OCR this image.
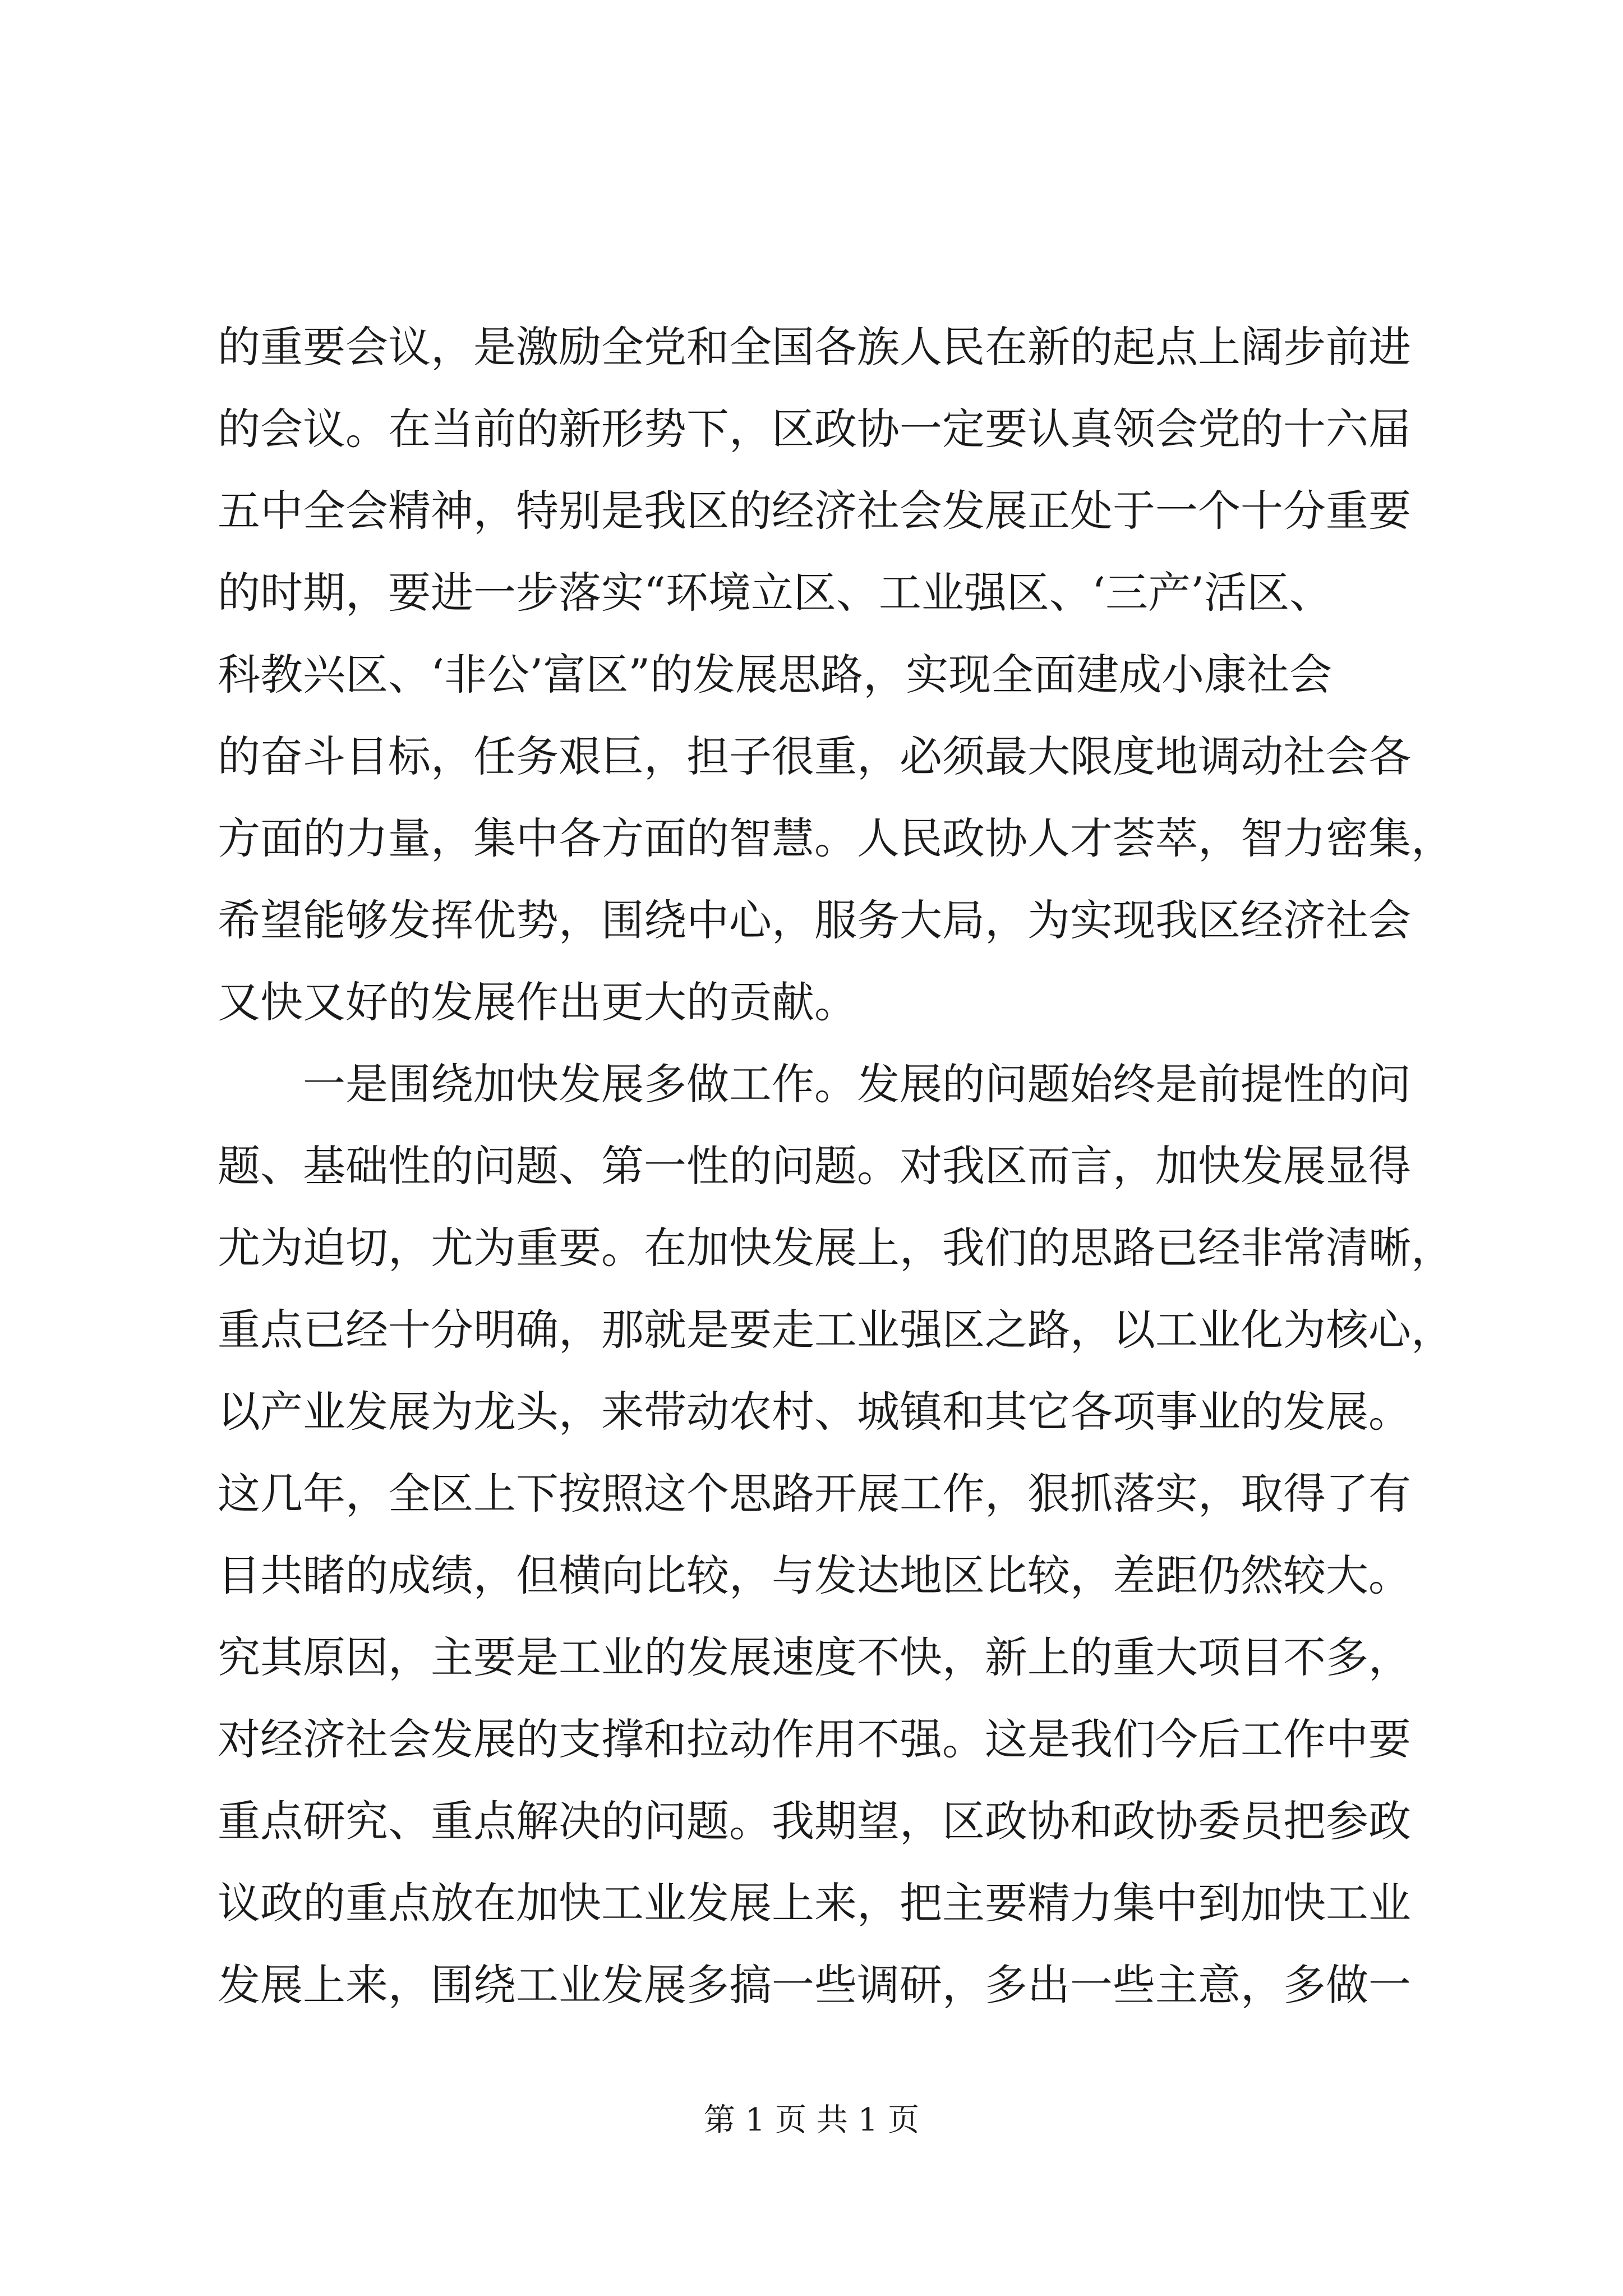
的重要会议，是激励全党和全国各族人民在新的起点上阔步前进
的会议。在当前的新形势下，区政协一定要认真领会党的十六届
五中全会精神，特别是我区的经济社会发展正处于一个十分重要
的时期，要进一步落实“环境立区、工业强区、‘三产’活区、
科教兴区、‘非公’富区”的发展思路，实现全面建成小康社会
的奋斗目标，任务艰巨，担子很重，必须最大限度地调动社会各
方面的力量，集中各方面的智慧。人民政协人才荟萃，智力密集，
希望能够发挥优势，围绕中心，服务大局，为实现我区经济社会
又快又好的发展作出更大的贡献。
　　一是围绕加快发展多做工作。发展的问题始终是前提性的问
题、基础性的问题、第一性的问题。对我区而言，加快发展显得
尤为迫切，尤为重要。在加快发展上，我们的思路已经非常清晰，
重点已经十分明确，那就是要走工业强区之路，以工业化为核心，
以产业发展为龙头，来带动农村、城镇和其它各项事业的发展。
这几年，全区上下按照这个思路开展工作，狠抓落实，取得了有
目共睹的成绩，但横向比较，与发达地区比较，差距仍然较大。
究其原因，主要是工业的发展速度不快，新上的重大项目不多，
对经济社会发展的支撑和拉动作用不强。这是我们今后工作中要
重点研究、重点解决的问题。我期望，区政协和政协委员把参政
议政的重点放在加快工业发展上来，把主要精力集中到加快工业
发展上来，围绕工业发展多搞一些调研，多出一些主意，多做一
第 1 页 共 1 页
